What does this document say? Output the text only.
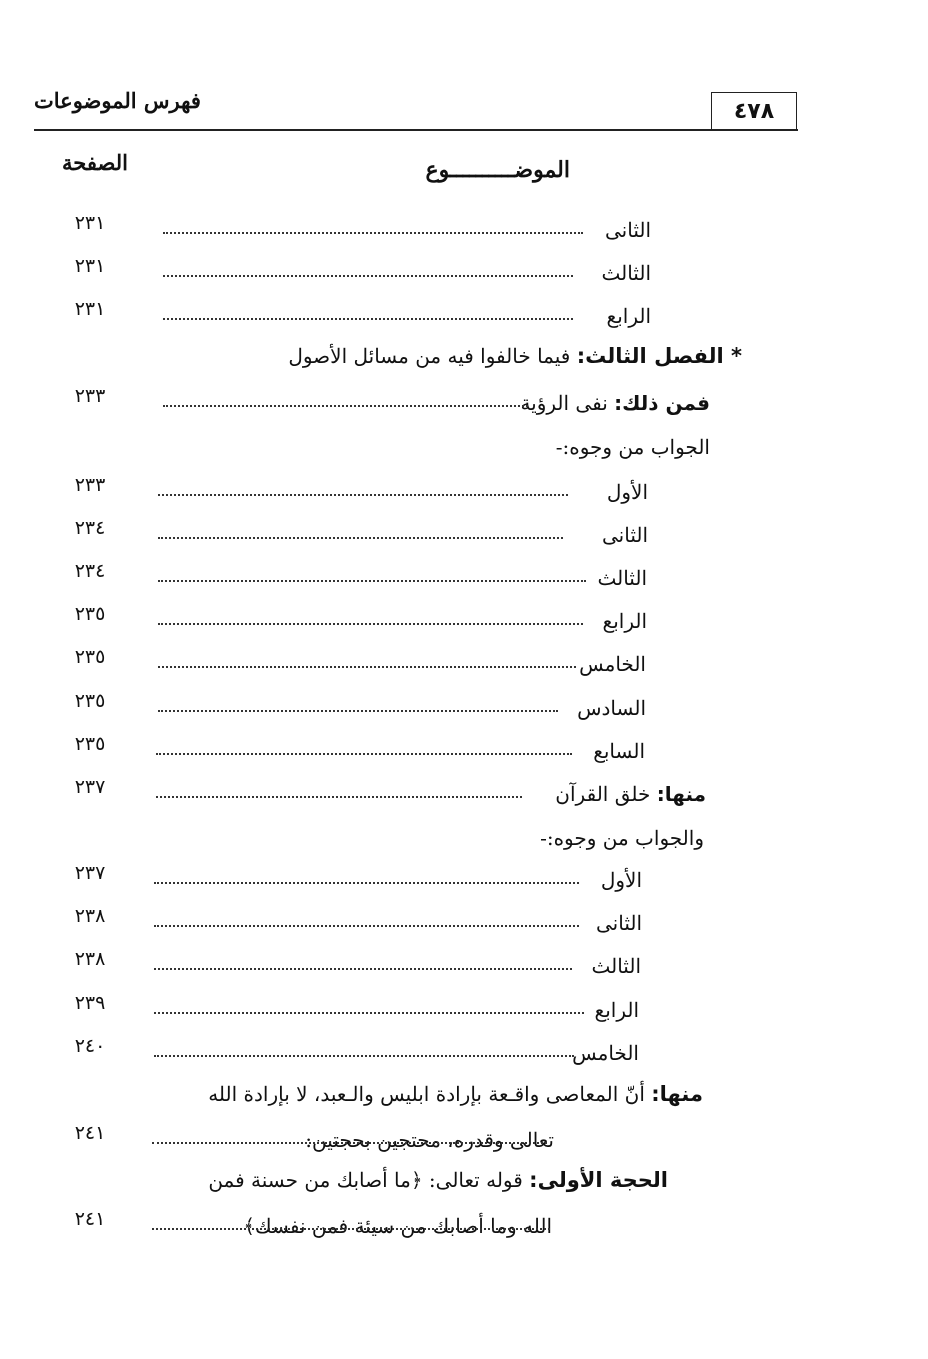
٤٧٨
فهرس الموضوعات
الصفحة	الموضــــــــــوع
الثانى
٢٣١
الثالث
٢٣١
الرابع
٢٣١
* الفصل الثالث: فيما خالفوا فيه من مسائل الأصول
فمن ذلك: نفى الرؤية
٢٣٣
الجواب من وجوه:-
الأول
٢٣٣
الثانى
٢٣٤
الثالث
٢٣٤
الرابع
٢٣٥
الخامس
٢٣٥
السادس
٢٣٥
السابع
٢٣٥
منها: خلق القرآن
٢٣٧
والجواب من وجوه:-
الأول
٢٣٧
الثانى
٢٣٨
الثالث
٢٣٨
الرابع
٢٣٩
الخامس
٢٤٠
منها: أنّ المعاصى واقـعة بإرادة ابليس والـعبد، لا بإرادة الله
تعالى وقدره، محتجين بحجتين:
٢٤١
الحجة الأولى: قوله تعالى: ﴿ما أصابك من حسنة فمن
الله وما أصابك من سيئة فمن نفسك﴾
٢٤١
